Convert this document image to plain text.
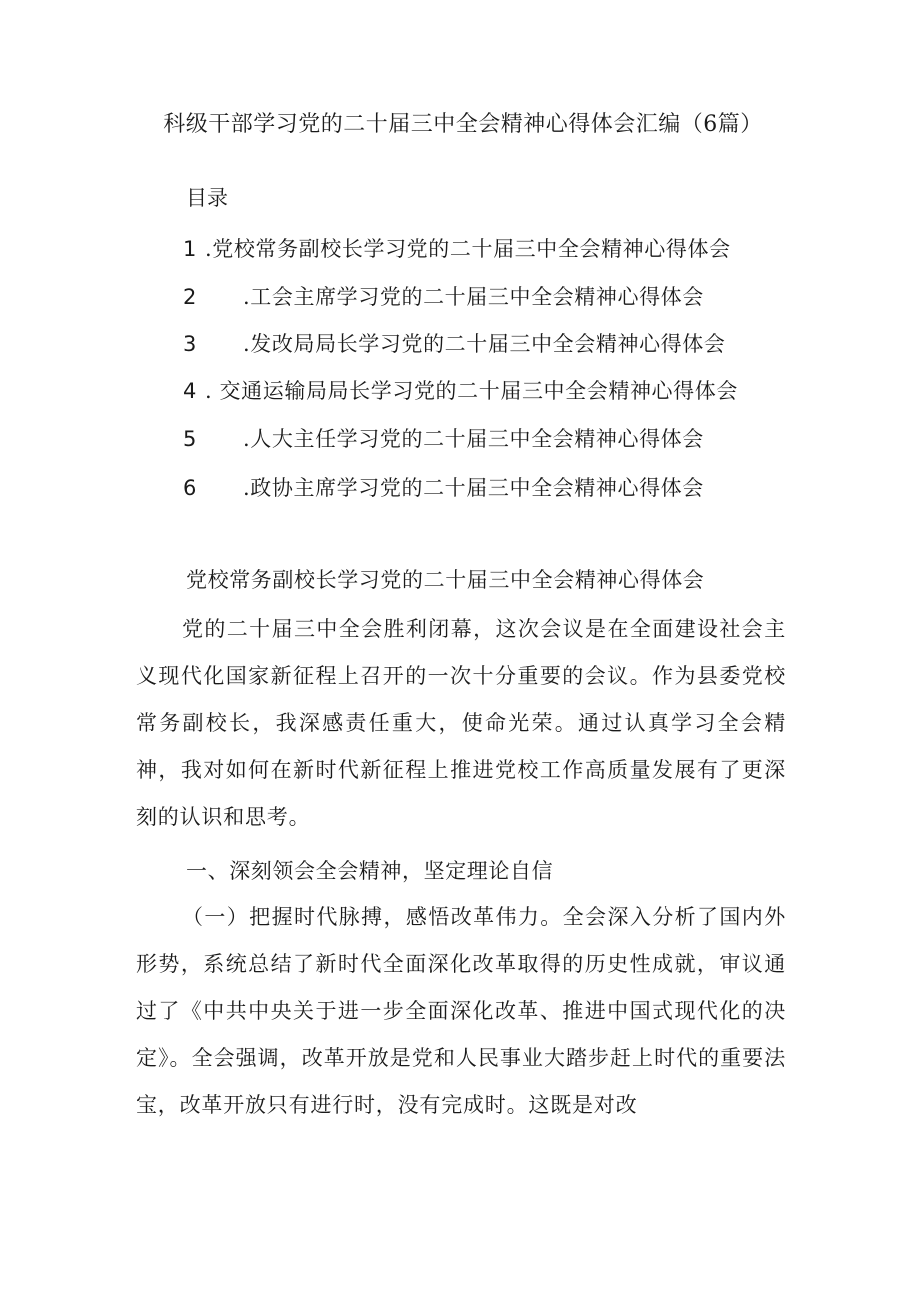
科级干部学习党的二十届三中全会精神心得体会汇编（6篇）
目录
1 .党校常务副校长学习党的二十届三中全会精神心得体会
2 .工会主席学习党的二十届三中全会精神心得体会
3 .发改局局长学习党的二十届三中全会精神心得体会
4 . 交通运输局局长学习党的二十届三中全会精神心得体会
5 .人大主任学习党的二十届三中全会精神心得体会
6 .政协主席学习党的二十届三中全会精神心得体会
党校常务副校长学习党的二十届三中全会精神心得体会

党的二十届三中全会胜利闭幕，这次会议是在全面建设社会主义现代化国家新征程上召开的一次十分重要的会议。作为县委党校常务副校长，我深感责任重大，使命光荣。通过认真学习全会精神，我对如何在新时代新征程上推进党校工作高质量发展有了更深刻的认识和思考。

一、深刻领会全会精神，坚定理论自信

（一）把握时代脉搏，感悟改革伟力。全会深入分析了国内外形势，系统总结了新时代全面深化改革取得的历史性成就，审议通过了《中共中央关于进一步全面深化改革、推进中国式现代化的决定》。全会强调，改革开放是党和人民事业大踏步赶上时代的重要法宝，改革开放只有进行时，没有完成时。这既是对改
